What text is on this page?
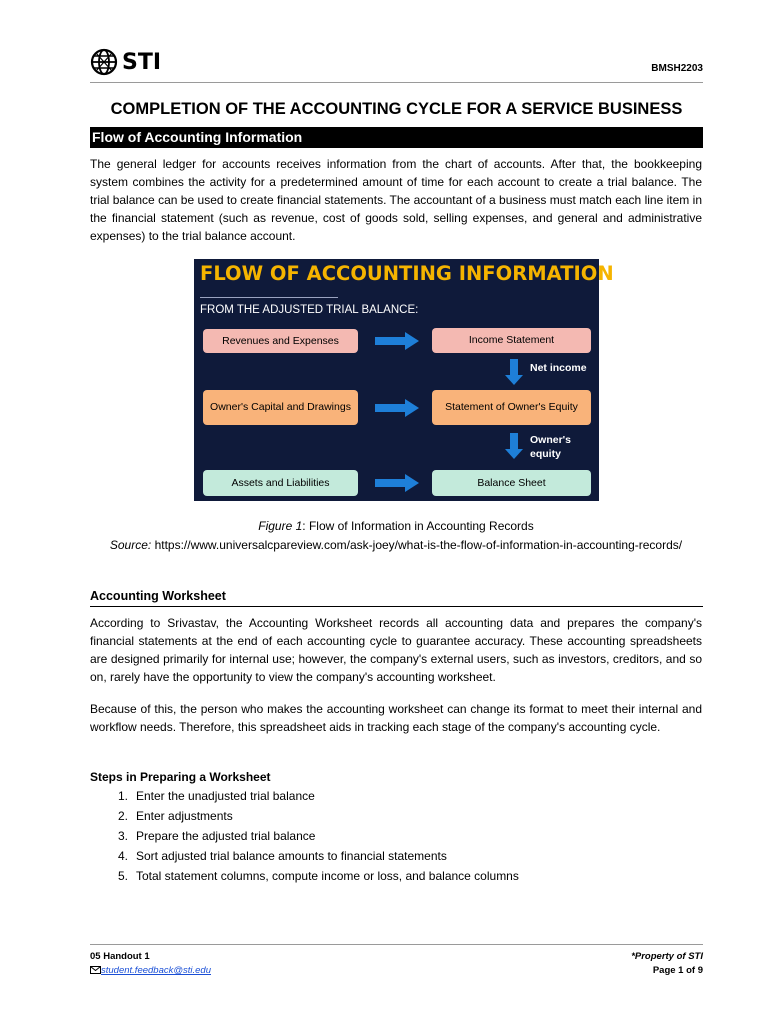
STI	BMSH2203
COMPLETION OF THE ACCOUNTING CYCLE FOR A SERVICE BUSINESS
Flow of Accounting Information
The general ledger for accounts receives information from the chart of accounts. After that, the bookkeeping system combines the activity for a predetermined amount of time for each account to create a trial balance. The trial balance can be used to create financial statements. The accountant of a business must match each line item in the financial statement (such as revenue, cost of goods sold, selling expenses, and general and administrative expenses) to the trial balance account.
FLOW OF ACCOUNTING INFORMATION
FROM THE ADJUSTED TRIAL BALANCE:
Revenues and Expenses	Income Statement
Owner's Capital and Drawings	Statement of Owner's Equity
Assets and Liabilities	Balance Sheet
Net income
Owner's equity
Figure 1: Flow of Information in Accounting Records
Source: https://www.universalcpareview.com/ask-joey/what-is-the-flow-of-information-in-accounting-records/
Accounting Worksheet
According to Srivastav, the Accounting Worksheet records all accounting data and prepares the company's financial statements at the end of each accounting cycle to guarantee accuracy. These accounting spreadsheets are designed primarily for internal use; however, the company's external users, such as investors, creditors, and so on, rarely have the opportunity to view the company's accounting worksheet.
Because of this, the person who makes the accounting worksheet can change its format to meet their internal and workflow needs. Therefore, this spreadsheet aids in tracking each stage of the company's accounting cycle.
Steps in Preparing a Worksheet
1. Enter the unadjusted trial balance
2. Enter adjustments
3. Prepare the adjusted trial balance
4. Sort adjusted trial balance amounts to financial statements
5. Total statement columns, compute income or loss, and balance columns
05 Handout 1
student.feedback@sti.edu
*Property of STI
Page 1 of 9
